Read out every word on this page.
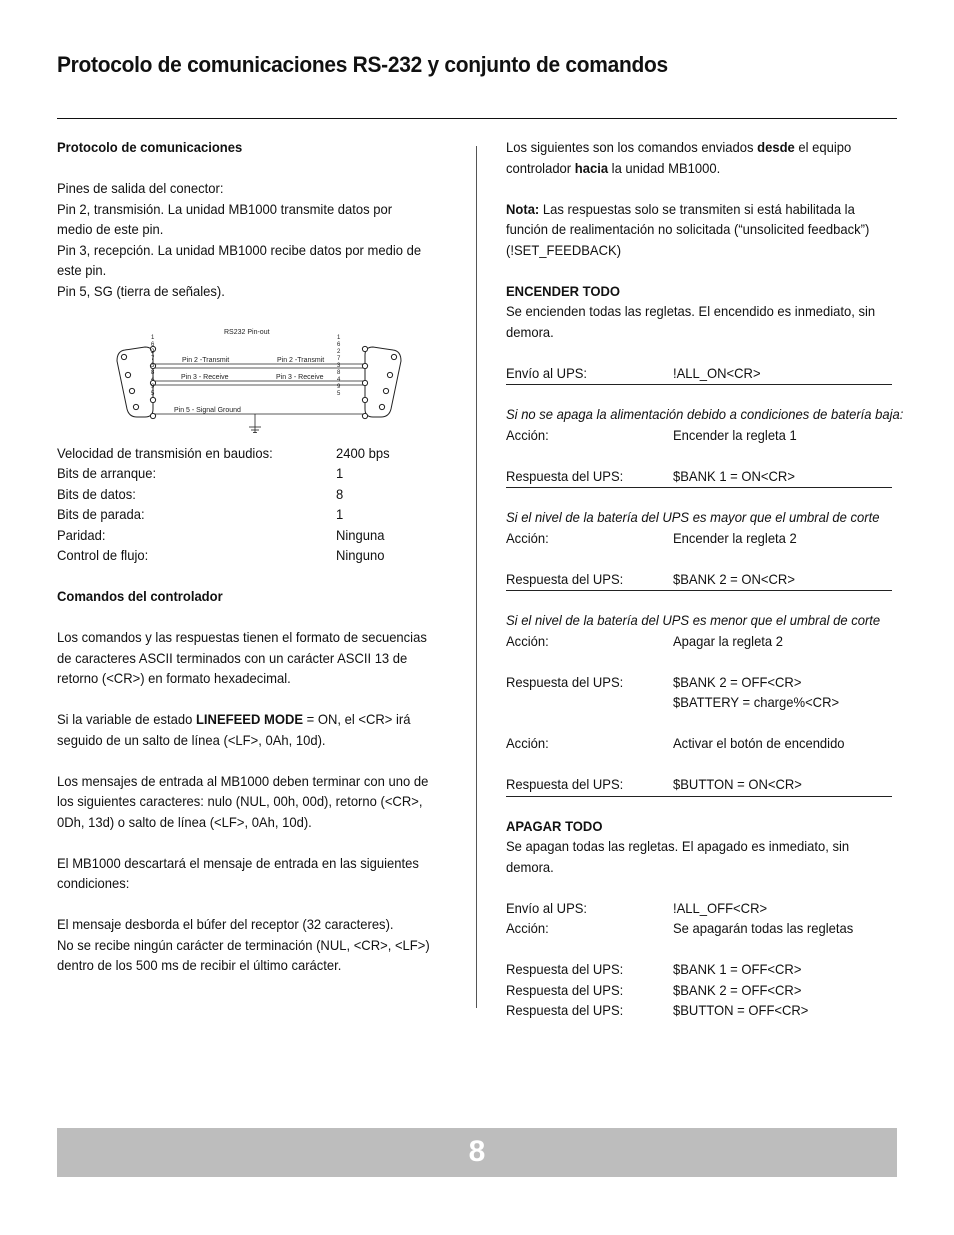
Protocolo de comunicaciones RS-232 y conjunto de comandos
Protocolo de comunicaciones
Pines de salida del conector:
Pin 2, transmisión. La unidad MB1000 transmite datos por
medio de este pin.
Pin 3, recepción. La unidad MB1000 recibe datos por medio de
este pin.
Pin 5, SG (tierra de señales).
RS232 Pin-out
Pin 2 -Transmit	Pin 2 -Transmit
Pin 3 - Receive	Pin 3 - Receive
Pin 5 - Signal Ground
1
6
2
7
3
8
4
9
5
1
6
2
7
3
8
4
9
5
Velocidad de transmisión en baudios:	2400 bps
Bits de arranque:	1
Bits de datos:	8
Bits de parada:	1
Paridad:	Ninguna
Control de flujo:	Ninguno
Comandos del controlador
Los comandos y las respuestas tienen el formato de secuencias
de caracteres ASCII terminados con un carácter ASCII 13 de
retorno (<CR>) en formato hexadecimal.
Si la variable de estado LINEFEED MODE = ON, el <CR> irá
seguido de un salto de línea (<LF>, 0Ah, 10d).
Los mensajes de entrada al MB1000 deben terminar con uno de
los siguientes caracteres: nulo (NUL, 00h, 00d), retorno (<CR>,
0Dh, 13d) o salto de línea (<LF>, 0Ah, 10d).
El MB1000 descartará el mensaje de entrada en las siguientes
condiciones:
El mensaje desborda el búfer del receptor (32 caracteres).
No se recibe ningún carácter de terminación (NUL, <CR>, <LF>)
dentro de los 500 ms de recibir el último carácter.
Los siguientes son los comandos enviados desde el equipo
controlador hacia la unidad MB1000.
Nota: Las respuestas solo se transmiten si está habilitada la
función de realimentación no solicitada (“unsolicited feedback”)
(!SET_FEEDBACK)
ENCENDER TODO
Se encienden todas las regletas. El encendido es inmediato, sin
demora.
Envío al UPS:	!ALL_ON<CR>
Si no se apaga la alimentación debido a condiciones de batería baja:
Acción:	Encender la regleta 1
Respuesta del UPS:	$BANK 1 = ON<CR>
Si el nivel de la batería del UPS es mayor que el umbral de corte
Acción:	Encender la regleta 2
Respuesta del UPS:	$BANK 2 = ON<CR>
Si el nivel de la batería del UPS es menor que el umbral de corte
Acción:	Apagar la regleta 2
Respuesta del UPS:	$BANK 2 = OFF<CR>
$BATTERY = charge%<CR>
Acción:	Activar el botón de encendido
Respuesta del UPS:	$BUTTON = ON<CR>
APAGAR TODO
Se apagan todas las regletas. El apagado es inmediato, sin
demora.
Envío al UPS:	!ALL_OFF<CR>
Acción:	Se apagarán todas las regletas
Respuesta del UPS:	$BANK 1 = OFF<CR>
Respuesta del UPS:	$BANK 2 = OFF<CR>
Respuesta del UPS:	$BUTTON = OFF<CR>
8
